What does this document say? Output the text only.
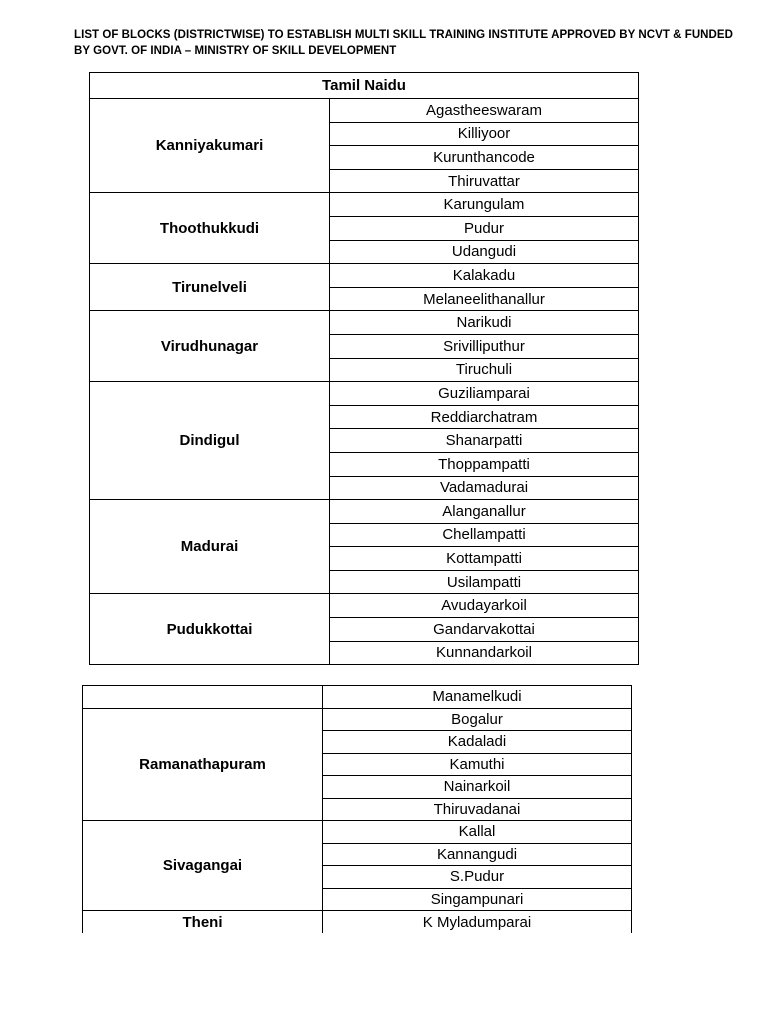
LIST OF BLOCKS (DISTRICTWISE) TO ESTABLISH MULTI SKILL TRAINING INSTITUTE APPROVED BY NCVT & FUNDED BY GOVT. OF INDIA – MINISTRY OF SKILL DEVELOPMENT
Tamil Naidu	
Kanniyakumari	Agastheeswaram
	Killiyoor
	Kurunthancode
	Thiruvattar
Thoothukkudi	Karungulam
	Pudur
	Udangudi
Tirunelveli	Kalakadu
	Melaneelithanallur
Virudhunagar	Narikudi
	Srivilliputhur
	Tiruchuli
Dindigul	Guziliamparai
	Reddiarchatram
	Shanarpatti
	Thoppampatti
	Vadamadurai
Madurai	Alanganallur
	Chellampatti
	Kottampatti
	Usilampatti
Pudukkottai	Avudayarkoil
	Gandarvakottai
	Kunnandarkoil
	Manamelkudi
Ramanathapuram	Bogalur
	Kadaladi
	Kamuthi
	Nainarkoil
	Thiruvadanai
Sivagangai	Kallal
	Kannangudi
	S.Pudur
	Singampunari
Theni	K Myladumparai
